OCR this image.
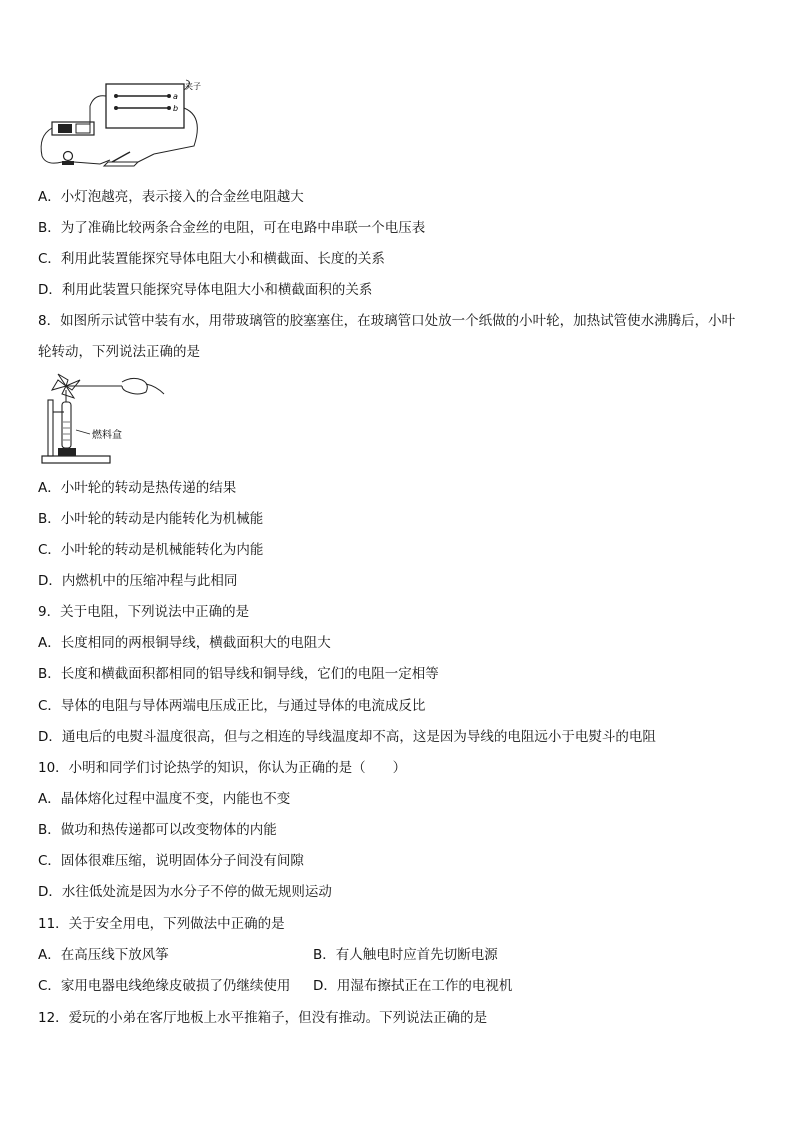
a
b
夹子
A．小灯泡越亮，表示接入的合金丝电阻越大
B．为了准确比较两条合金丝的电阻，可在电路中串联一个电压表
C．利用此装置能探究导体电阻大小和横截面、长度的关系
D．利用此装置只能探究导体电阻大小和横截面积的关系
8．如图所示试管中装有水，用带玻璃管的胶塞塞住，在玻璃管口处放一个纸做的小叶轮，加热试管使水沸腾后，小叶
轮转动，下列说法正确的是
燃料盒
A．小叶轮的转动是热传递的结果
B．小叶轮的转动是内能转化为机械能
C．小叶轮的转动是机械能转化为内能
D．内燃机中的压缩冲程与此相同
9．关于电阻，下列说法中正确的是
A．长度相同的两根铜导线，横截面积大的电阻大
B．长度和横截面积都相同的铝导线和铜导线，它们的电阻一定相等
C．导体的电阻与导体两端电压成正比，与通过导体的电流成反比
D．通电后的电熨斗温度很高，但与之相连的导线温度却不高，这是因为导线的电阻远小于电熨斗的电阻
10．小明和同学们讨论热学的知识，你认为正确的是（　　）
A．晶体熔化过程中温度不变，内能也不变
B．做功和热传递都可以改变物体的内能
C．固体很难压缩，说明固体分子间没有间隙
D．水往低处流是因为水分子不停的做无规则运动
11．关于安全用电，下列做法中正确的是
A．在高压线下放风筝	B．有人触电时应首先切断电源
C．家用电器电线绝缘皮破损了仍继续使用 D．用湿布擦拭正在工作的电视机
12．爱玩的小弟在客厅地板上水平推箱子，但没有推动。下列说法正确的是
